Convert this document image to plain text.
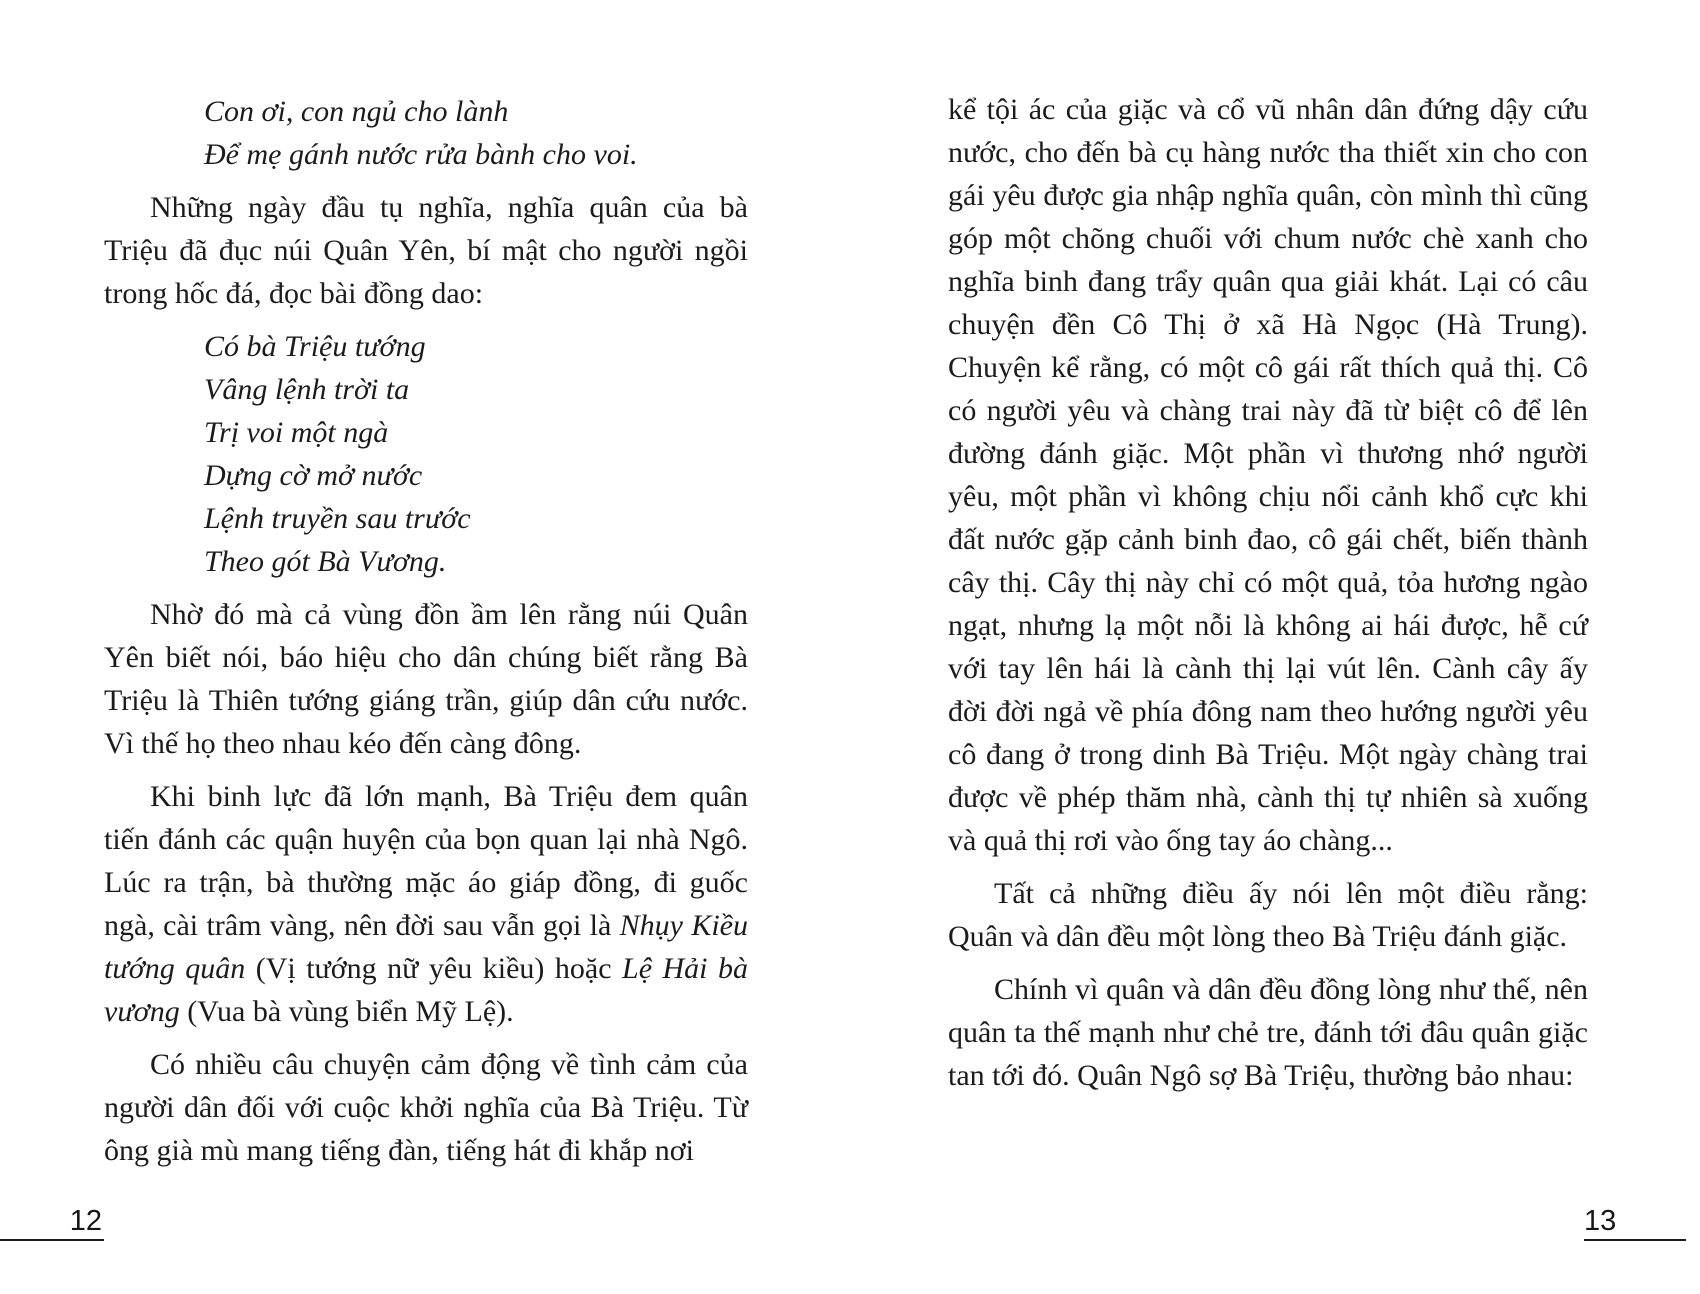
Con ơi, con ngủ cho lành
Để mẹ gánh nước rửa bành cho voi.

Những ngày đầu tụ nghĩa, nghĩa quân của bà Triệu đã đục núi Quân Yên, bí mật cho người ngồi trong hốc đá, đọc bài đồng dao:

Có bà Triệu tướng
Vâng lệnh trời ta
Trị voi một ngà
Dựng cờ mở nước
Lệnh truyền sau trước
Theo gót Bà Vương.

Nhờ đó mà cả vùng đồn ầm lên rằng núi Quân Yên biết nói, báo hiệu cho dân chúng biết rằng Bà Triệu là Thiên tướng giáng trần, giúp dân cứu nước. Vì thế họ theo nhau kéo đến càng đông.

Khi binh lực đã lớn mạnh, Bà Triệu đem quân tiến đánh các quận huyện của bọn quan lại nhà Ngô. Lúc ra trận, bà thường mặc áo giáp đồng, đi guốc ngà, cài trâm vàng, nên đời sau vẫn gọi là Nhụy Kiều tướng quân (Vị tướng nữ yêu kiều) hoặc Lệ Hải bà vương (Vua bà vùng biển Mỹ Lệ).

Có nhiều câu chuyện cảm động về tình cảm của người dân đối với cuộc khởi nghĩa của Bà Triệu. Từ ông già mù mang tiếng đàn, tiếng hát đi khắp nơi

kể tội ác của giặc và cổ vũ nhân dân đứng dậy cứu nước, cho đến bà cụ hàng nước tha thiết xin cho con gái yêu được gia nhập nghĩa quân, còn mình thì cũng góp một chõng chuối với chum nước chè xanh cho nghĩa binh đang trẩy quân qua giải khát. Lại có câu chuyện đền Cô Thị ở xã Hà Ngọc (Hà Trung). Chuyện kể rằng, có một cô gái rất thích quả thị. Cô có người yêu và chàng trai này đã từ biệt cô để lên đường đánh giặc. Một phần vì thương nhớ người yêu, một phần vì không chịu nổi cảnh khổ cực khi đất nước gặp cảnh binh đao, cô gái chết, biến thành cây thị. Cây thị này chỉ có một quả, tỏa hương ngào ngạt, nhưng lạ một nỗi là không ai hái được, hễ cứ với tay lên hái là cành thị lại vút lên. Cành cây ấy đời đời ngả về phía đông nam theo hướng người yêu cô đang ở trong dinh Bà Triệu. Một ngày chàng trai được về phép thăm nhà, cành thị tự nhiên sà xuống và quả thị rơi vào ống tay áo chàng...

Tất cả những điều ấy nói lên một điều rằng: Quân và dân đều một lòng theo Bà Triệu đánh giặc.

Chính vì quân và dân đều đồng lòng như thế, nên quân ta thế mạnh như chẻ tre, đánh tới đâu quân giặc tan tới đó. Quân Ngô sợ Bà Triệu, thường bảo nhau:

12	13
